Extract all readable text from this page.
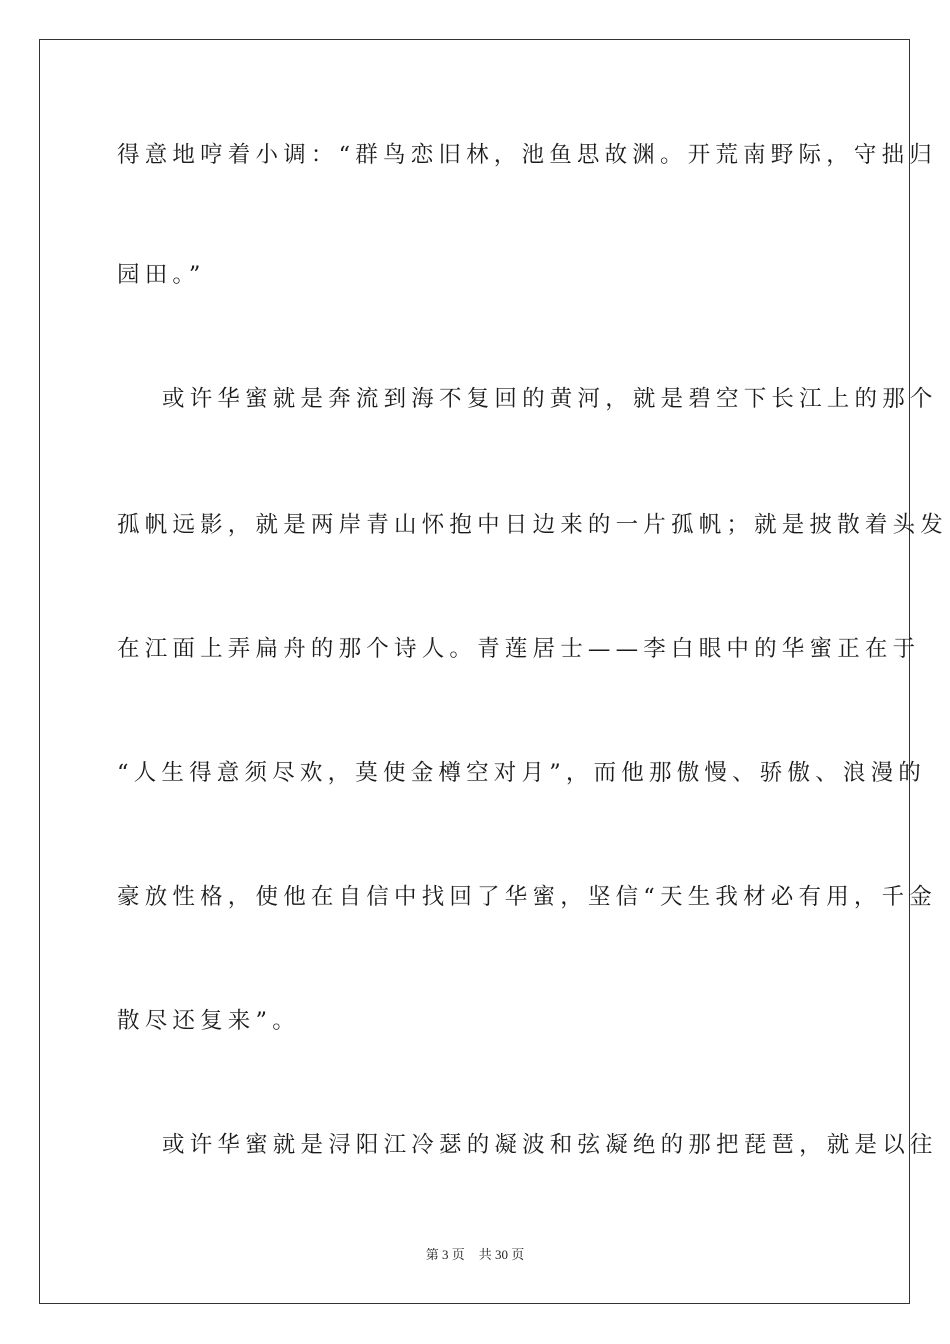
得意地哼着小调：“群鸟恋旧林，池鱼思故渊。开荒南野际，守拙归
园田。”
或许华蜜就是奔流到海不复回的黄河，就是碧空下长江上的那个
孤帆远影，就是两岸青山怀抱中日边来的一片孤帆；就是披散着头发
在江面上弄扁舟的那个诗人。青莲居士——李白眼中的华蜜正在于
“人生得意须尽欢，莫使金樽空对月”，而他那傲慢、骄傲、浪漫的
豪放性格，使他在自信中找回了华蜜，坚信“天生我材必有用，千金
散尽还复来”。
或许华蜜就是浔阳江冷瑟的凝波和弦凝绝的那把琵琶，就是以往
第 3 页 共 30 页
